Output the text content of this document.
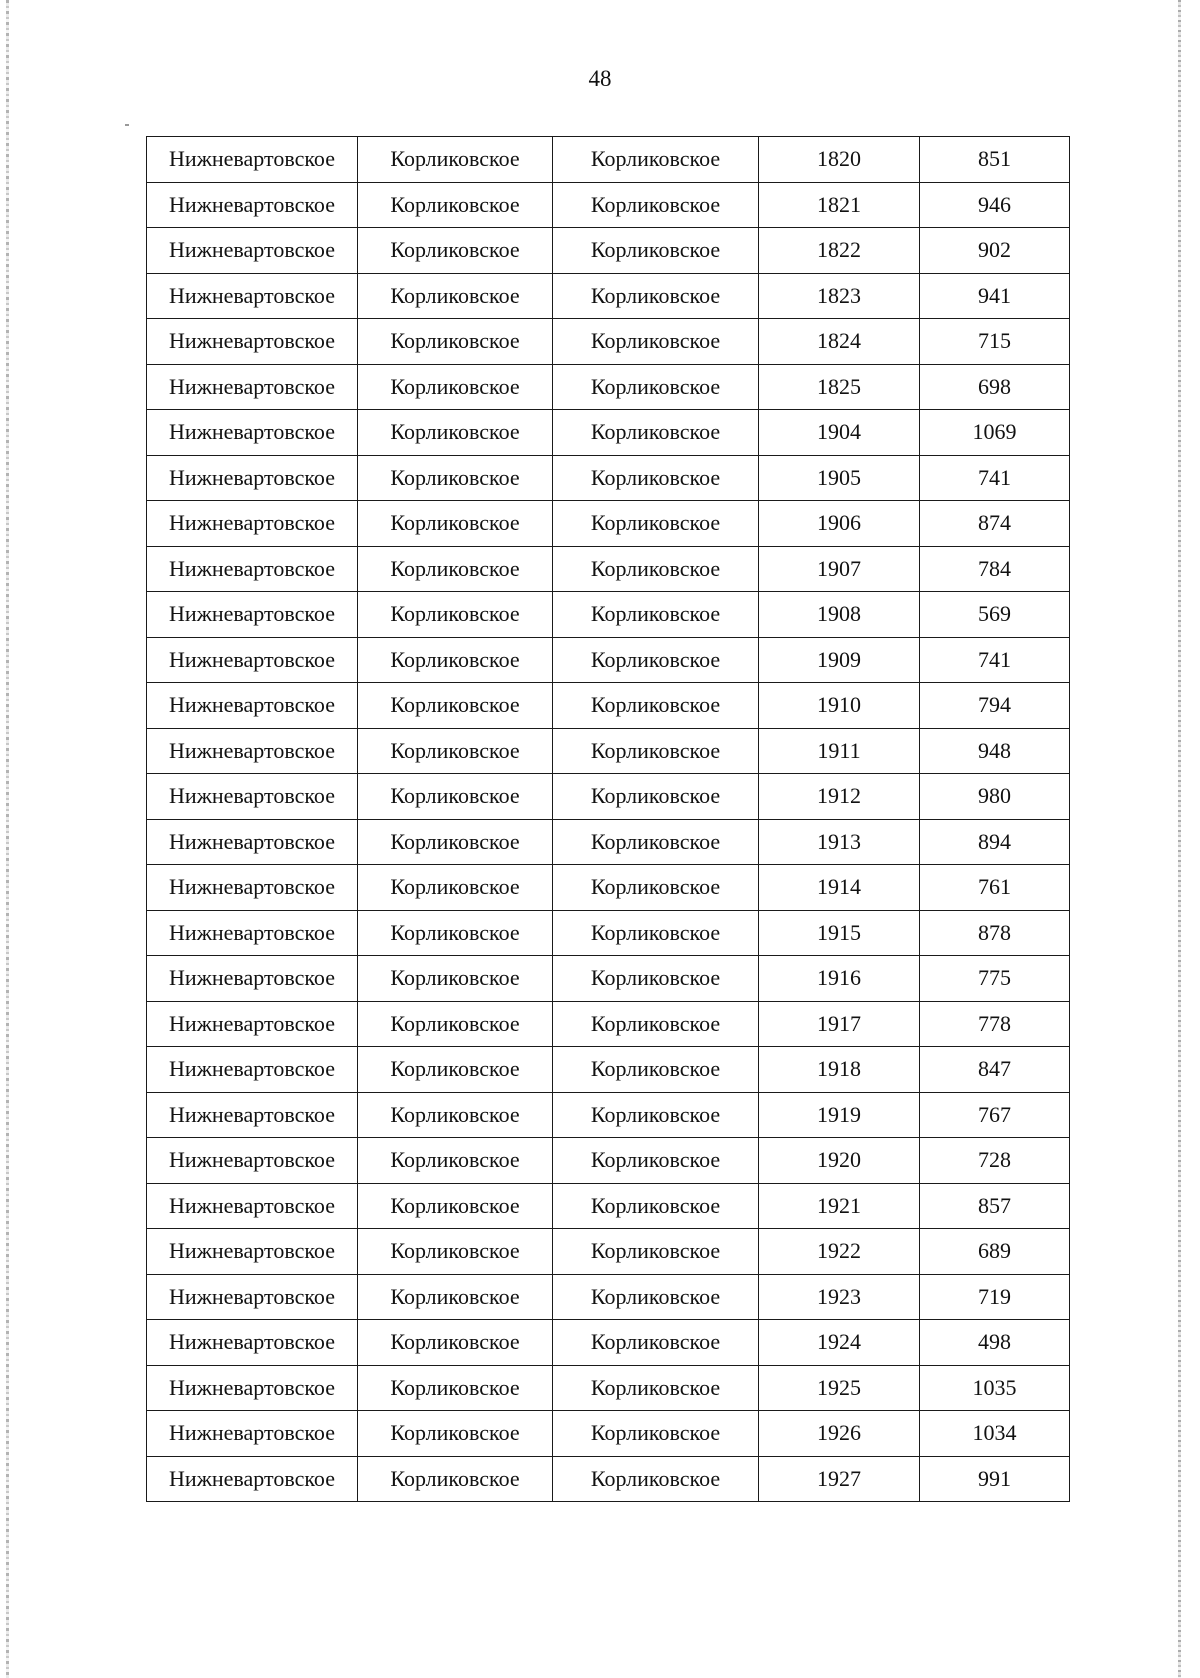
48
Нижневартовское	Корликовское	Корликовское	1820	851
Нижневартовское	Корликовское	Корликовское	1821	946
Нижневартовское	Корликовское	Корликовское	1822	902
Нижневартовское	Корликовское	Корликовское	1823	941
Нижневартовское	Корликовское	Корликовское	1824	715
Нижневартовское	Корликовское	Корликовское	1825	698
Нижневартовское	Корликовское	Корликовское	1904	1069
Нижневартовское	Корликовское	Корликовское	1905	741
Нижневартовское	Корликовское	Корликовское	1906	874
Нижневартовское	Корликовское	Корликовское	1907	784
Нижневартовское	Корликовское	Корликовское	1908	569
Нижневартовское	Корликовское	Корликовское	1909	741
Нижневартовское	Корликовское	Корликовское	1910	794
Нижневартовское	Корликовское	Корликовское	1911	948
Нижневартовское	Корликовское	Корликовское	1912	980
Нижневартовское	Корликовское	Корликовское	1913	894
Нижневартовское	Корликовское	Корликовское	1914	761
Нижневартовское	Корликовское	Корликовское	1915	878
Нижневартовское	Корликовское	Корликовское	1916	775
Нижневартовское	Корликовское	Корликовское	1917	778
Нижневартовское	Корликовское	Корликовское	1918	847
Нижневартовское	Корликовское	Корликовское	1919	767
Нижневартовское	Корликовское	Корликовское	1920	728
Нижневартовское	Корликовское	Корликовское	1921	857
Нижневартовское	Корликовское	Корликовское	1922	689
Нижневартовское	Корликовское	Корликовское	1923	719
Нижневартовское	Корликовское	Корликовское	1924	498
Нижневартовское	Корликовское	Корликовское	1925	1035
Нижневартовское	Корликовское	Корликовское	1926	1034
Нижневартовское	Корликовское	Корликовское	1927	991
